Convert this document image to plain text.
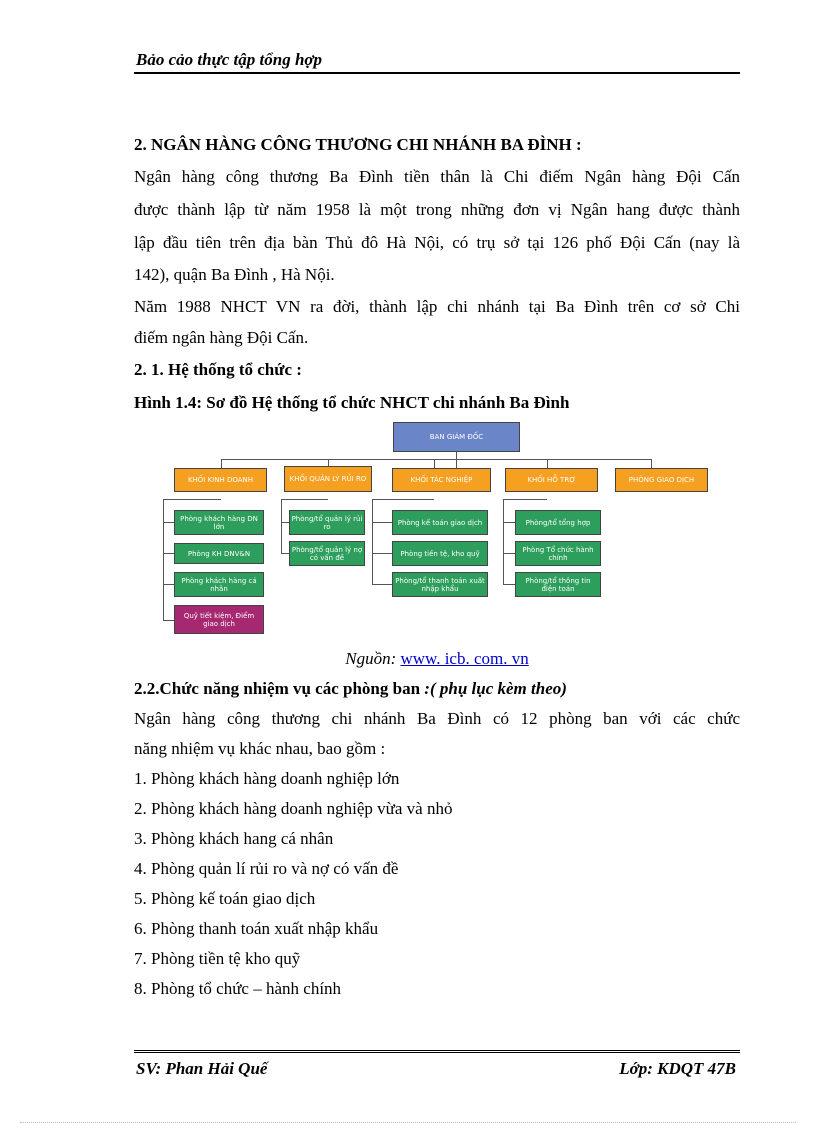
Bảo cảo thực tập tổng hợp
2. NGÂN HÀNG CÔNG THƯƠNG CHI NHÁNH BA ĐÌNH :
Ngân hàng công thương Ba Đình tiền thân là Chi điếm Ngân hàng Đội Cấn
được thành lập từ năm 1958 là một trong những đơn vị Ngân hang được thành
lập đầu tiên trên địa bàn Thủ đô Hà Nội, có trụ sở tại 126 phố Đội Cấn (nay là
142), quận Ba Đình , Hà Nội.
Năm 1988 NHCT VN ra đời, thành lập chi nhánh tại Ba Đình trên cơ sở Chi
điếm ngân hàng Đội Cấn.
2. 1. Hệ thống tổ chức :
Hình 1.4: Sơ đồ Hệ thống tổ chức NHCT chi nhánh Ba Đình
BAN GIÁM ĐỐC
KHỐI KINH DOANH	KHỐI QUẢN LÝ RỦI RO	KHỐI TÁC NGHIỆP	KHỐI HỖ TRỢ	PHÒNG GIAO DỊCH
Phòng khách hàng DN lớn
Phòng KH DNV&N
Phòng khách hàng cá nhân
Quỹ tiết kiệm, Điểm giao dịch
Phòng/tổ quản lý rủi ro
Phòng/tổ quản lý nợ có vấn đề
Phòng kế toán giao dịch
Phòng tiền tệ, kho quỹ
Phòng/tổ thanh toán xuất nhập khẩu
Phòng/tổ tổng hợp
Phòng Tổ chức hành chính
Phòng/tổ thông tin điện toán
Nguồn: www. icb. com. vn
2.2.Chức năng nhiệm vụ các phòng ban :( phụ lục kèm theo)
Ngân hàng công thương chi nhánh Ba Đình có 12 phòng ban với các chức
năng nhiệm vụ khác nhau, bao gồm :
1. Phòng khách hàng doanh nghiệp lớn
2. Phòng khách hàng doanh nghiệp vừa và nhỏ
3. Phòng khách hang cá nhân
4. Phòng quản lí rủi ro và nợ có vấn đề
5. Phòng kế toán giao dịch
6. Phòng thanh toán xuất nhập khẩu
7. Phòng tiền tệ kho quỹ
8. Phòng tổ chức – hành chính
SV: Phan Hải Quế	Lớp: KDQT 47B
